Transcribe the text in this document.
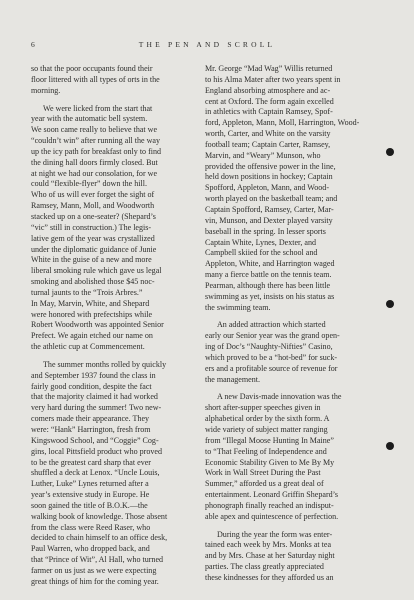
6	THE PEN AND SCROLL
so that the poor occupants found their
floor littered with all types of orts in the
morning.
We were licked from the start that
year with the automatic bell system.
We soon came really to believe that we
“couldn’t win” after running all the way
up the icy path for breakfast only to find
the dining hall doors firmly closed. But
at night we had our consolation, for we
could “flexible-flyer” down the hill.
Who of us will ever forget the sight of
Ramsey, Mann, Moll, and Woodworth
stacked up on a one-seater? (Shepard’s
“vic” still in construction.) The legis-
lative gem of the year was crystallized
under the diplomatic guidance of Junie
White in the guise of a new and more
liberal smoking rule which gave us legal
smoking and abolished those $45 noc-
turnal jaunts to the “Trois Arbres.”
In May, Marvin, White, and Shepard
were honored with prefectships while
Robert Woodworth was appointed Senior
Prefect. We again etched our name on
the athletic cup at Commencement.
The summer months rolled by quickly
and September 1937 found the class in
fairly good condition, despite the fact
that the majority claimed it had worked
very hard during the summer! Two new-
comers made their appearance. They
were: “Hank” Harrington, fresh from
Kingswood School, and “Coggie” Cog-
gins, local Pittsfield product who proved
to be the greatest card sharp that ever
shuffled a deck at Lenox. “Uncle Louis,
Luther, Luke” Lynes returned after a
year’s extensive study in Europe. He
soon gained the title of B.O.K.—the
walking book of knowledge. Those absent
from the class were Reed Raser, who
decided to chain himself to an office desk,
Paul Warren, who dropped back, and
that “Prince of Wit”, Al Hall, who turned
farmer on us just as we were expecting
great things of him for the coming year.
Mr. George “Mad Wag” Willis returned
to his Alma Mater after two years spent in
England absorbing atmosphere and ac-
cent at Oxford. The form again excelled
in athletics with Captain Ramsey, Spof-
ford, Appleton, Mann, Moll, Harrington, Wood-
worth, Carter, and White on the varsity
football team; Captain Carter, Ramsey,
Marvin, and “Weary” Munson, who
provided the offensive power in the line,
held down positions in hockey; Captain
Spofford, Appleton, Mann, and Wood-
worth played on the basketball team; and
Captain Spofford, Ramsey, Carter, Mar-
vin, Munson, and Dexter played varsity
baseball in the spring. In lesser sports
Captain White, Lynes, Dexter, and
Campbell skiied for the school and
Appleton, White, and Harrington waged
many a fierce battle on the tennis team.
Pearman, although there has been little
swimming as yet, insists on his status as
the swimming team.
An added attraction which started
early our Senior year was the grand open-
ing of Doc’s “Naughty-Nifties” Casino,
which proved to be a “hot-bed” for suck-
ers and a profitable source of revenue for
the management.
A new Davis-made innovation was the
short after-supper speeches given in
alphabetical order by the sixth form. A
wide variety of subject matter ranging
from “Illegal Moose Hunting In Maine”
to “That Feeling of Independence and
Economic Stability Given to Me By My
Work in Wall Street During the Past
Summer,” afforded us a great deal of
entertainment. Leonard Griffin Shepard’s
phonograph finally reached an indisput-
able apex and quintescence of perfection.
During the year the form was enter-
tained each week by Mrs. Monks at tea
and by Mrs. Chase at her Saturday night
parties. The class greatly appreciated
these kindnesses for they afforded us an
